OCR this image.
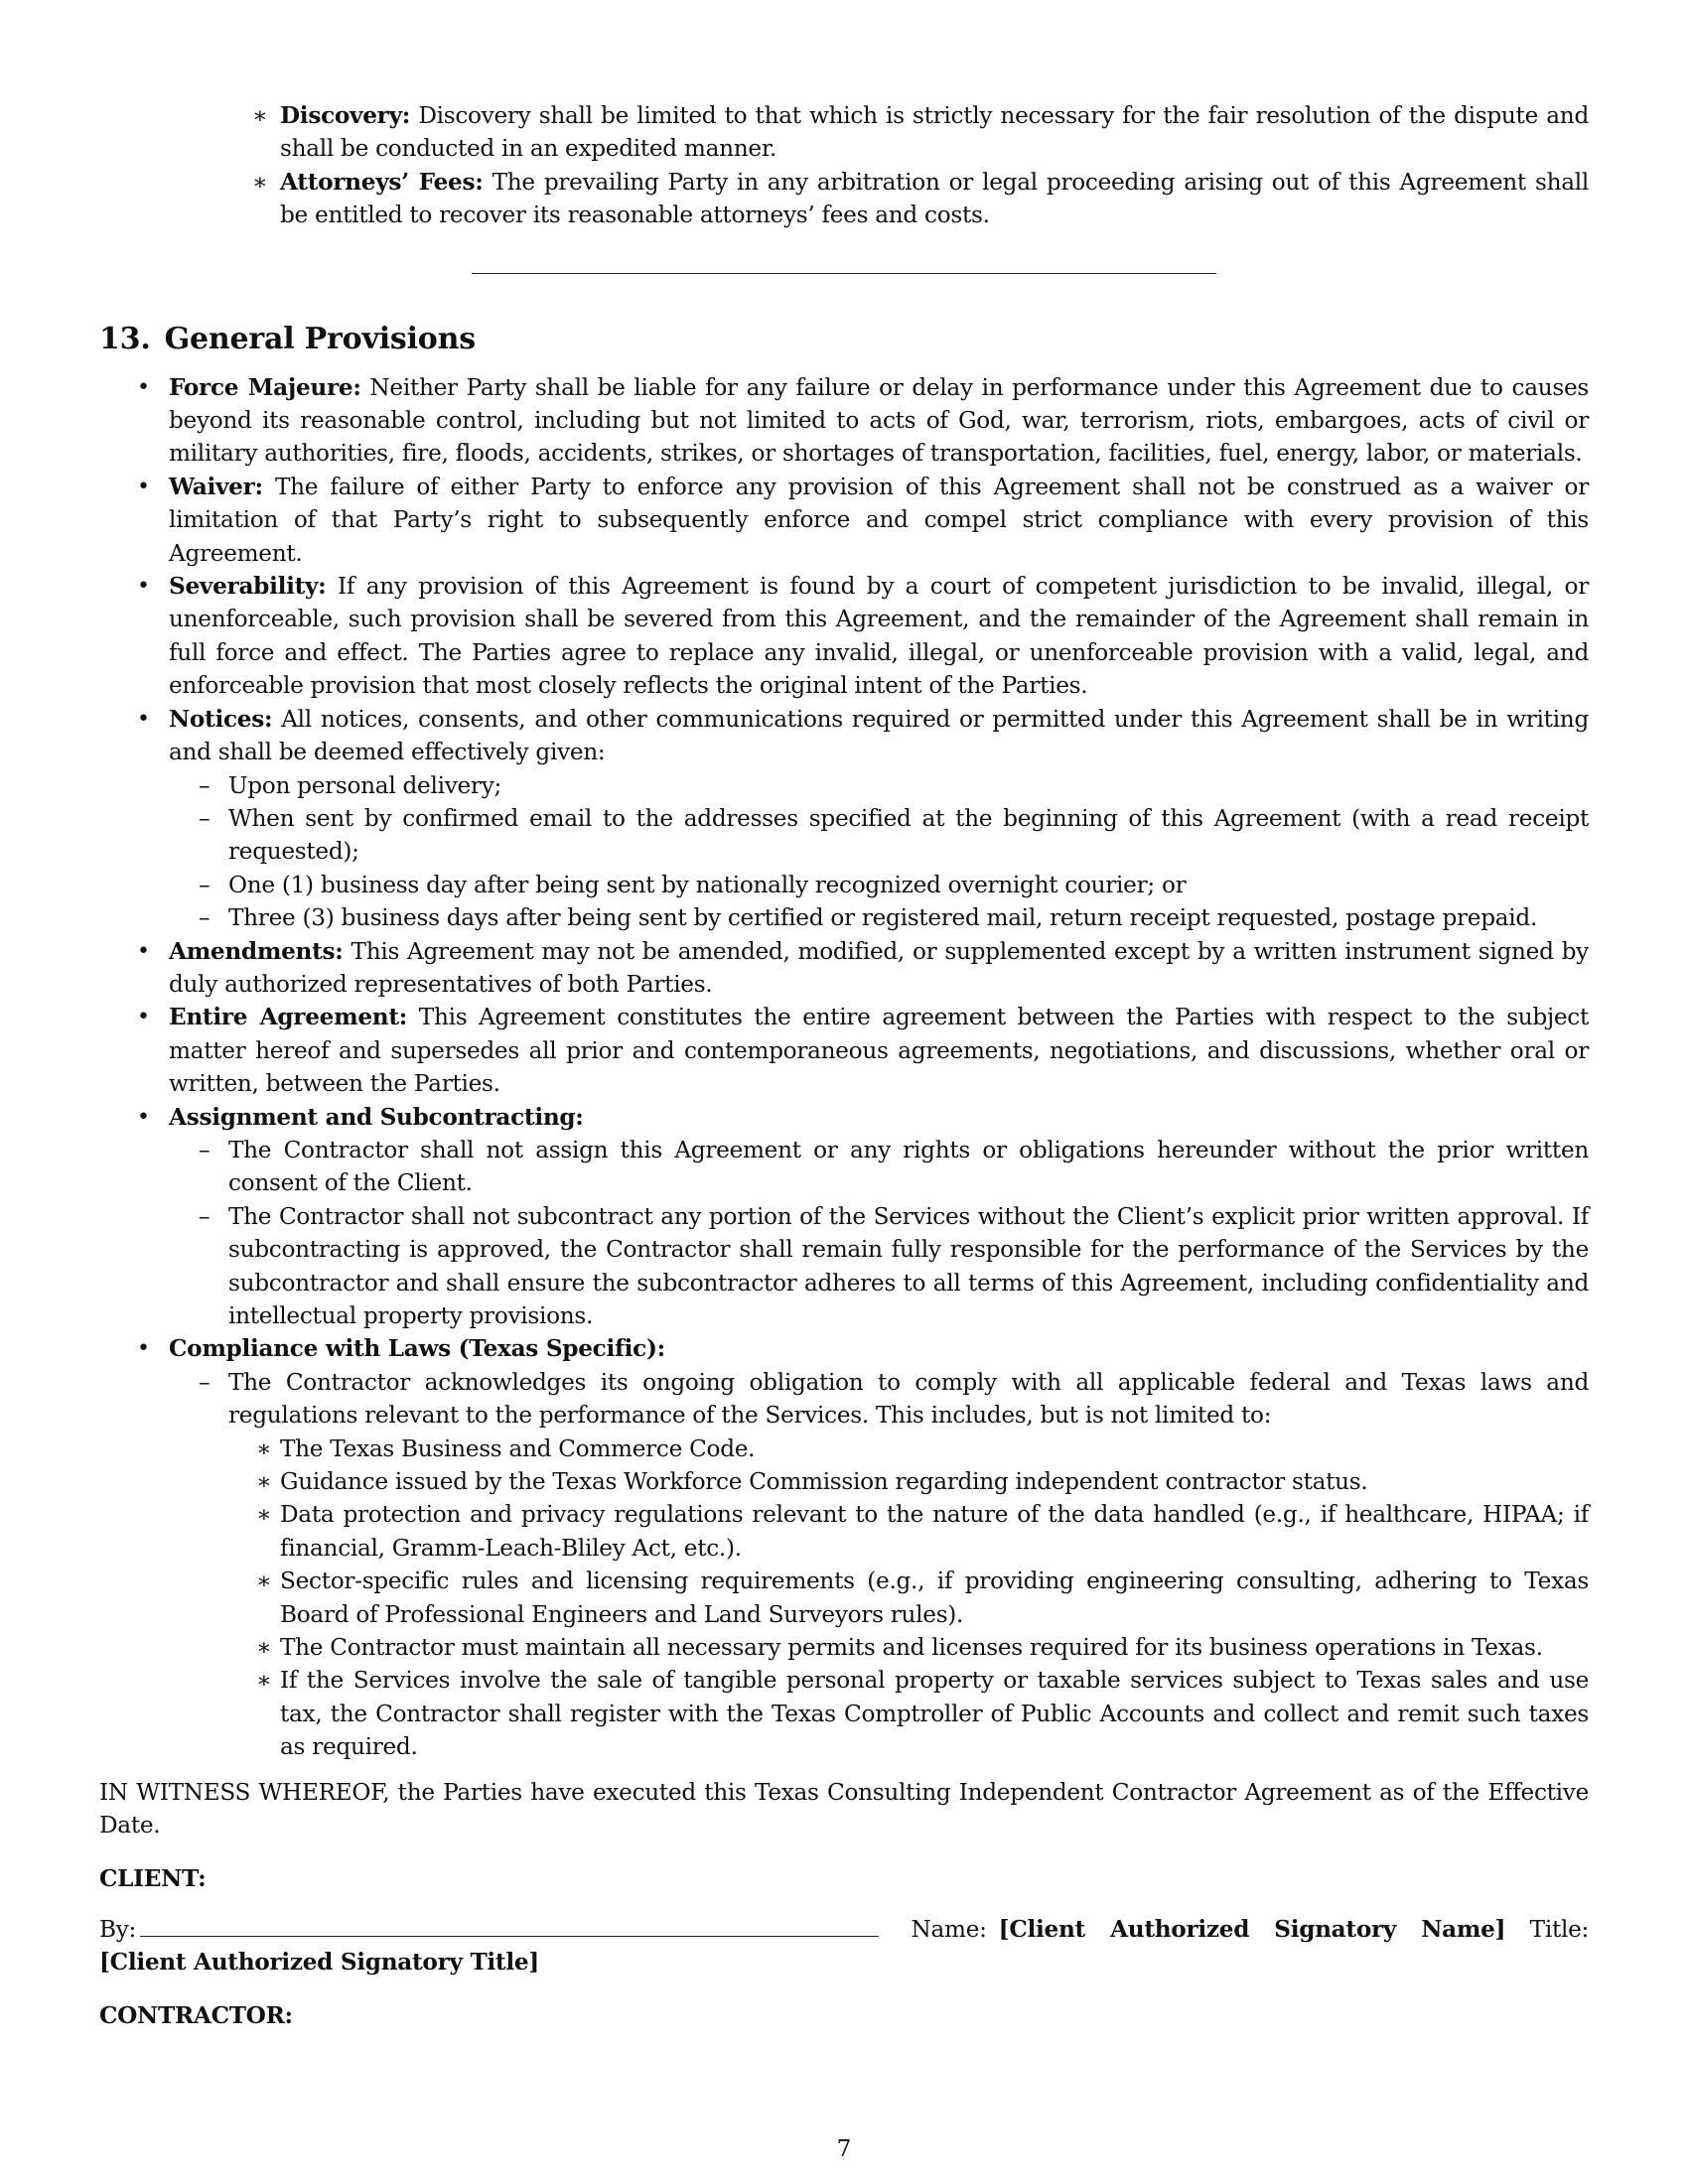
∗ Discovery: Discovery shall be limited to that which is strictly necessary for the fair resolution of the dispute and shall be conducted in an expedited manner.
∗ Attorneys’ Fees: The prevailing Party in any arbitration or legal proceeding arising out of this Agreement shall be entitled to recover its reasonable attorneys’ fees and costs.
13. General Provisions
• Force Majeure: Neither Party shall be liable for any failure or delay in performance under this Agreement due to causes beyond its reasonable control, including but not limited to acts of God, war, terrorism, riots, embargoes, acts of civil or military authorities, fire, floods, accidents, strikes, or shortages of transportation, facilities, fuel, energy, labor, or materials.
• Waiver: The failure of either Party to enforce any provision of this Agreement shall not be construed as a waiver or limitation of that Party’s right to subsequently enforce and compel strict compliance with every provision of this Agreement.
• Severability: If any provision of this Agreement is found by a court of competent jurisdiction to be invalid, illegal, or unenforceable, such provision shall be severed from this Agreement, and the remainder of the Agreement shall remain in full force and effect. The Parties agree to replace any invalid, illegal, or unenforceable provision with a valid, legal, and enforceable provision that most closely reflects the original intent of the Parties.
• Notices: All notices, consents, and other communications required or permitted under this Agreement shall be in writing and shall be deemed effectively given:
– Upon personal delivery;
– When sent by confirmed email to the addresses specified at the beginning of this Agreement (with a read receipt requested);
– One (1) business day after being sent by nationally recognized overnight courier; or
– Three (3) business days after being sent by certified or registered mail, return receipt requested, postage prepaid.
• Amendments: This Agreement may not be amended, modified, or supplemented except by a written instrument signed by duly authorized representatives of both Parties.
• Entire Agreement: This Agreement constitutes the entire agreement between the Parties with respect to the subject matter hereof and supersedes all prior and contemporaneous agreements, negotiations, and discussions, whether oral or written, between the Parties.
• Assignment and Subcontracting:
– The Contractor shall not assign this Agreement or any rights or obligations hereunder without the prior written consent of the Client.
– The Contractor shall not subcontract any portion of the Services without the Client’s explicit prior written approval. If subcontracting is approved, the Contractor shall remain fully responsible for the performance of the Services by the subcontractor and shall ensure the subcontractor adheres to all terms of this Agreement, including confidentiality and intellectual property provisions.
• Compliance with Laws (Texas Specific):
– The Contractor acknowledges its ongoing obligation to comply with all applicable federal and Texas laws and regulations relevant to the performance of the Services. This includes, but is not limited to:
∗ The Texas Business and Commerce Code.
∗ Guidance issued by the Texas Workforce Commission regarding independent contractor status.
∗ Data protection and privacy regulations relevant to the nature of the data handled (e.g., if healthcare, HIPAA; if financial, Gramm-Leach-Bliley Act, etc.).
∗ Sector-specific rules and licensing requirements (e.g., if providing engineering consulting, adhering to Texas Board of Professional Engineers and Land Surveyors rules).
∗ The Contractor must maintain all necessary permits and licenses required for its business operations in Texas.
∗ If the Services involve the sale of tangible personal property or taxable services subject to Texas sales and use tax, the Contractor shall register with the Texas Comptroller of Public Accounts and collect and remit such taxes as required.

IN WITNESS WHEREOF, the Parties have executed this Texas Consulting Independent Contractor Agreement as of the Effective Date.

CLIENT:

By:	Name: [Client Authorized Signatory Name] Title: [Client Authorized Signatory Title]

CONTRACTOR:
7
